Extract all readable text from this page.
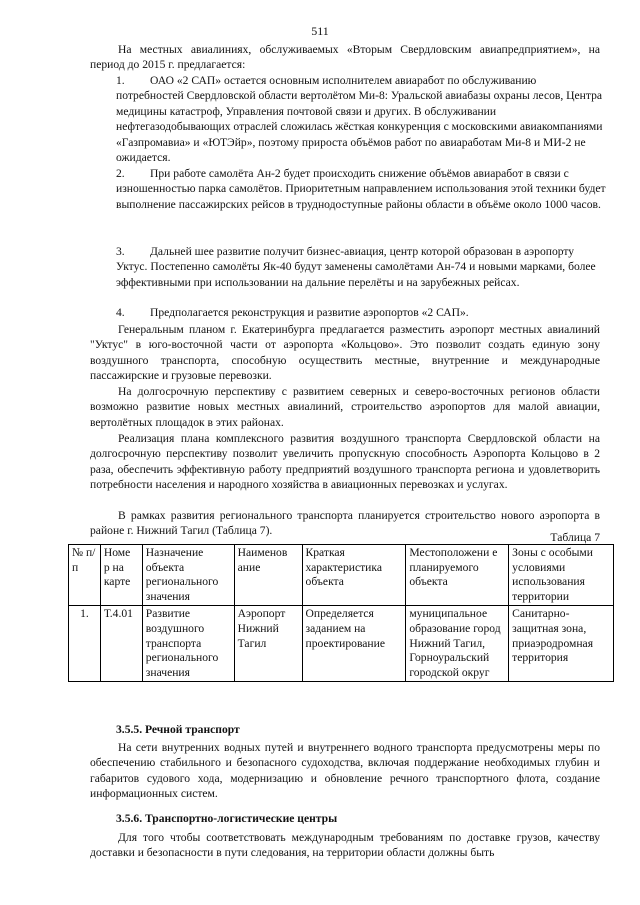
511

На местных авиалиниях, обслуживаемых «Вторым Свердловским авиапредприятием», на период до 2015 г. предлагается:

1. ОАО «2 САП» остается основным исполнителем авиаработ по обслуживанию потребностей Свердловской области вертолётом Ми-8: Уральской авиабазы охраны лесов, Центра медицины катастроф, Управления почтовой связи и других. В обслуживании нефтегазодобывающих отраслей сложилась жёсткая конкуренция с московскими авиакомпаниями «Газпромавиа» и «ЮТЭйр», поэтому прироста объёмов работ по авиаработам Ми-8 и МИ-2 не ожидается.

2. При работе самолёта Ан-2 будет происходить снижение объёмов авиаработ в связи с изношенностью парка самолётов. Приоритетным направлением использования этой техники будет выполнение пассажирских рейсов в труднодоступные районы области в объёме около 1000 часов.

3. Дальней шее развитие получит бизнес-авиация, центр которой образован в аэропорту Уктус. Постепенно самолёты Як-40 будут заменены самолётами Ан-74 и новыми марками, более эффективными при использовании на дальние перелёты и на зарубежных рейсах.

4. Предполагается реконструкция и развитие аэропортов «2 САП».

Генеральным планом г. Екатеринбурга предлагается разместить аэропорт местных авиалиний "Уктус" в юго-восточной части от аэропорта «Кольцово». Это позволит создать единую зону воздушного транспорта, способную осуществить местные, внутренние и международные пассажирские и грузовые перевозки.

На долгосрочную перспективу с развитием северных и северо-восточных регионов области возможно развитие новых местных авиалиний, строительство аэропортов для малой авиации, вертолётных площадок в этих районах.

Реализация плана комплексного развития воздушного транспорта Свердловской области на долгосрочную перспективу позволит увеличить пропускную способность Аэропорта Кольцово в 2 раза, обеспечить эффективную работу предприятий воздушного транспорта региона и удовлетворить потребности населения и народного хозяйства в авиационных перевозках и услугах.

В рамках развития регионального транспорта планируется строительство нового аэропорта в районе г. Нижний Тагил (Таблица 7).

Таблица 7
№ п/п	Номе р на карте	Назначение объекта регионального значения	Наименов ание	Краткая характеристика объекта	Местоположени е планируемого объекта	Зоны с особыми условиями использования территории
1.	Т.4.01	Развитие воздушного транспорта регионального значения	Аэропорт Нижний Тагил	Определяется заданием на проектирование	муниципальное образование город Нижний Тагил, Горноуральский городской округ	Санитарно-защитная зона, приаэродромная территория

3.5.5. Речной транспорт

На сети внутренних водных путей и внутреннего водного транспорта предусмотрены меры по обеспечению стабильного и безопасного судоходства, включая поддержание необходимых глубин и габаритов судового хода, модернизацию и обновление речного транспортного флота, создание информационных систем.

3.5.6. Транспортно-логистические центры

Для того чтобы соответствовать международным требованиям по доставке грузов, качеству доставки и безопасности в пути следования, на территории области должны быть
